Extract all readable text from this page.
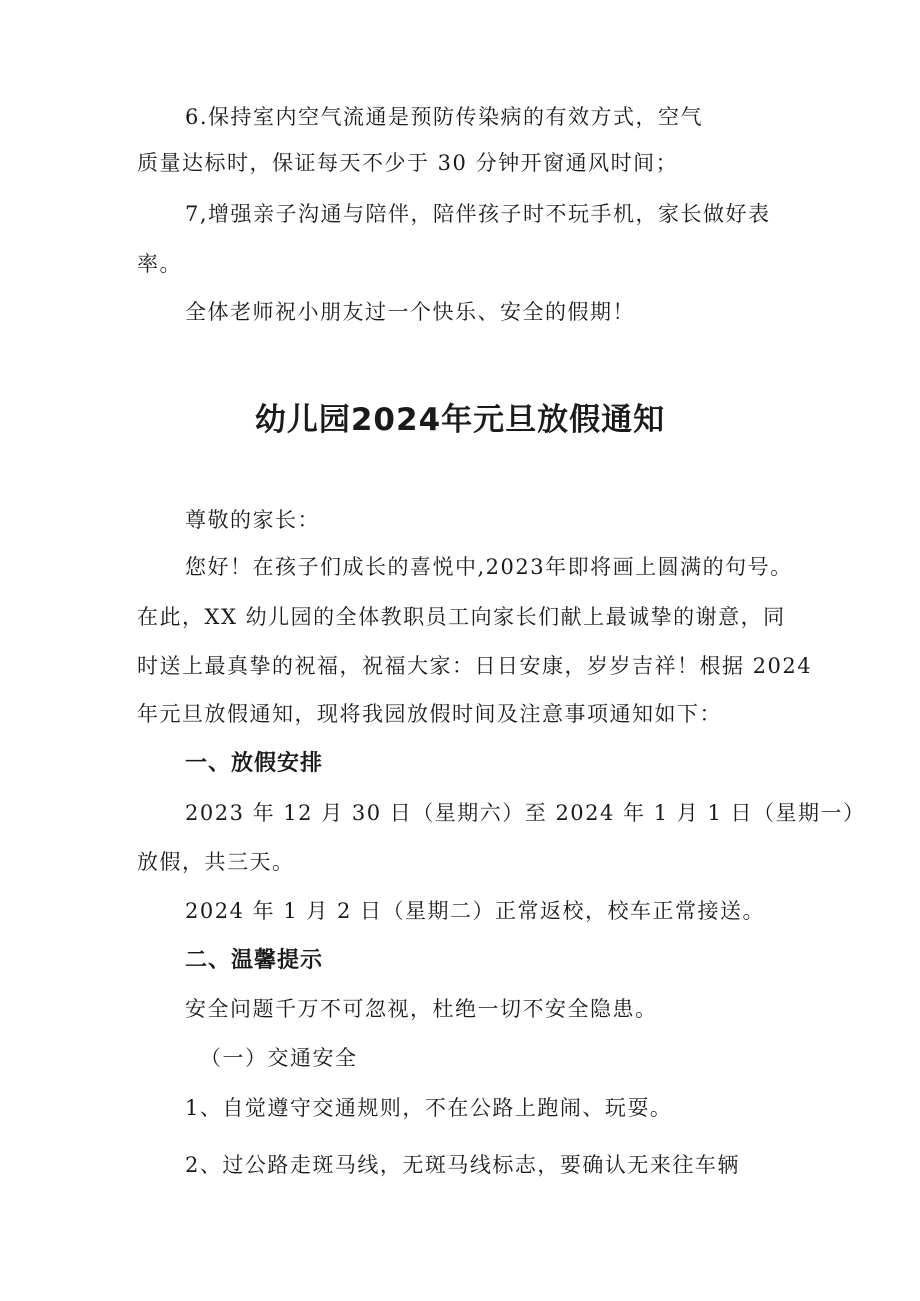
6.保持室内空气流通是预防传染病的有效方式，空气
质量达标时，保证每天不少于 30 分钟开窗通风时间；
7,增强亲子沟通与陪伴，陪伴孩子时不玩手机，家长做好表
率。
全体老师祝小朋友过一个快乐、安全的假期！
幼儿园2024年元旦放假通知
尊敬的家长：
您好！在孩子们成长的喜悦中,2023年即将画上圆满的句号。
在此，XX 幼儿园的全体教职员工向家长们献上最诚挚的谢意，同
时送上最真挚的祝福，祝福大家：日日安康，岁岁吉祥！根据 2024
年元旦放假通知，现将我园放假时间及注意事项通知如下：
一、放假安排
2023 年 12 月 30 日（星期六）至 2024 年 1 月 1 日（星期一）
放假，共三天。
2024 年 1 月 2 日（星期二）正常返校，校车正常接送。
二、温馨提示
安全问题千万不可忽视，杜绝一切不安全隐患。
（一）交通安全
1、自觉遵守交通规则，不在公路上跑闹、玩耍。
2、过公路走斑马线，无斑马线标志，要确认无来往车辆
